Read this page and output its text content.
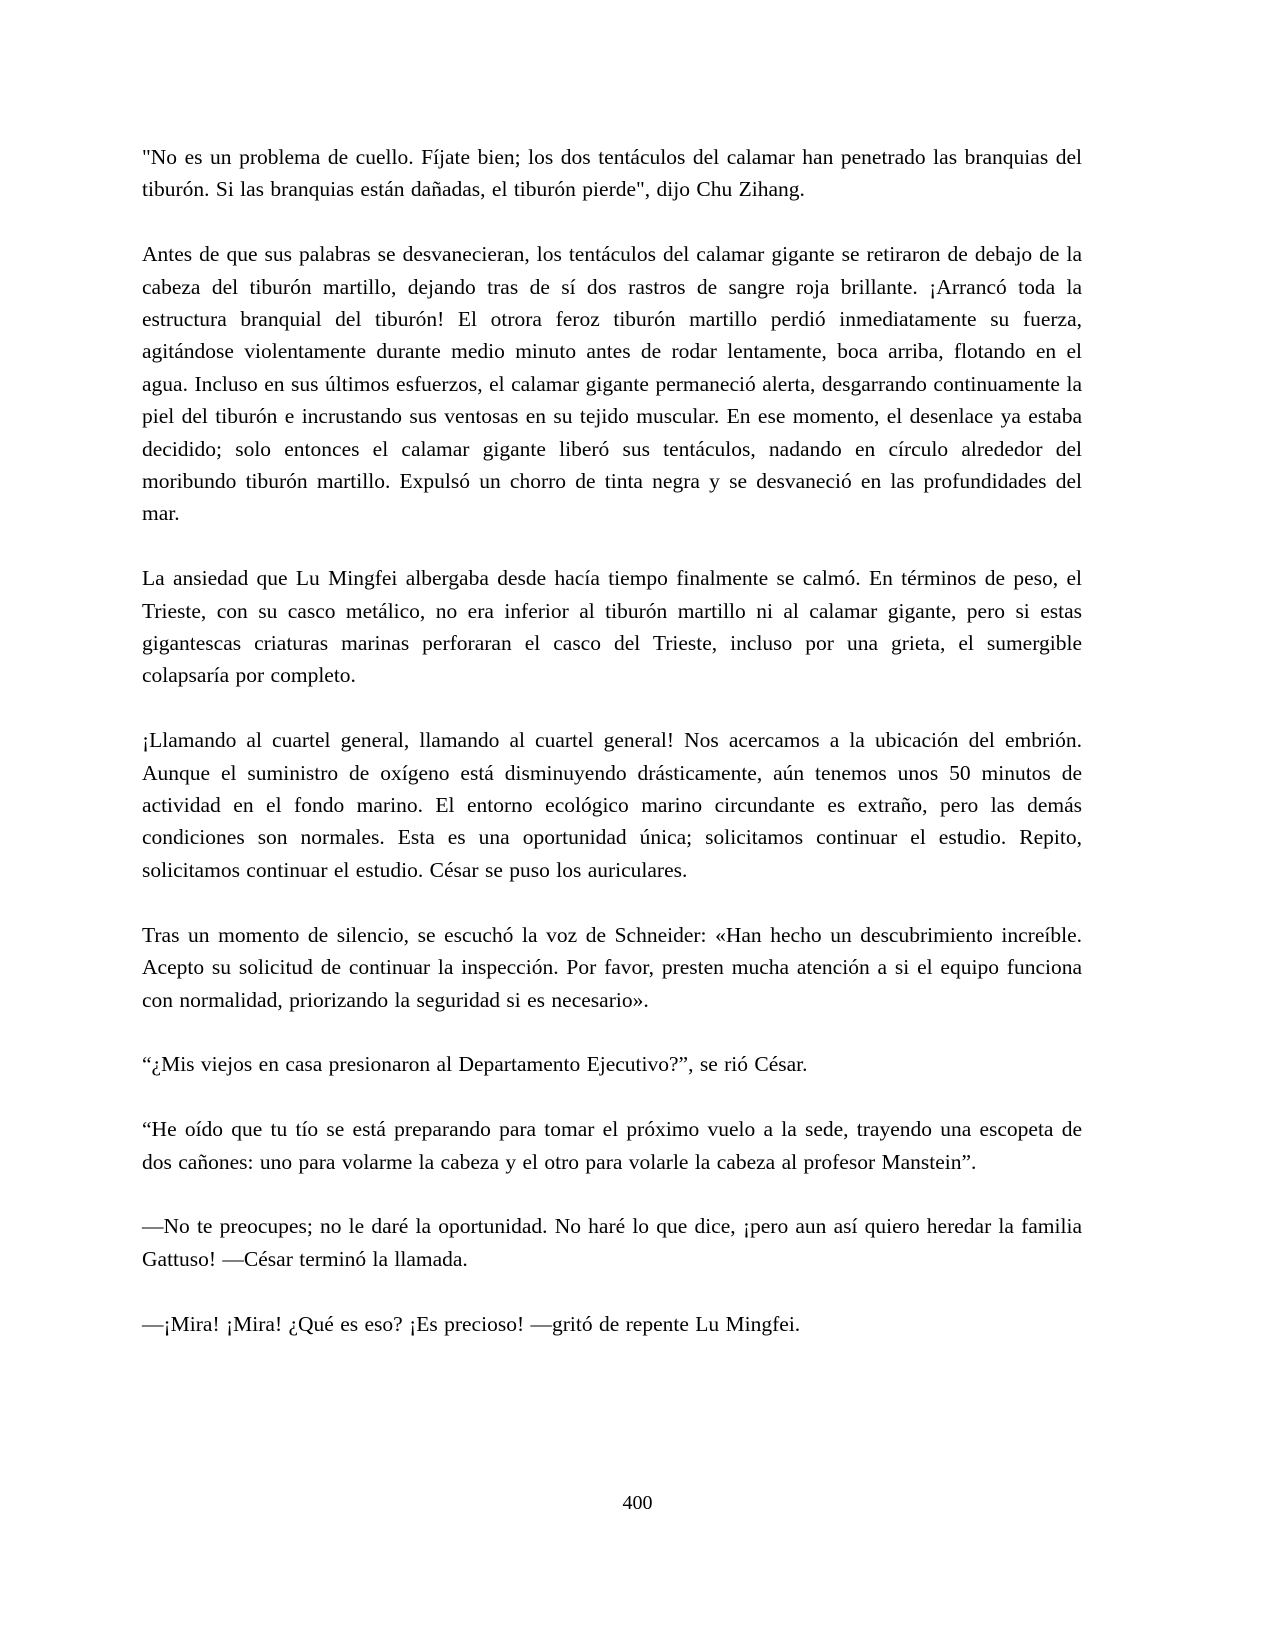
"No es un problema de cuello. Fíjate bien; los dos tentáculos del calamar han penetrado las branquias del tiburón. Si las branquias están dañadas, el tiburón pierde", dijo Chu Zihang.

Antes de que sus palabras se desvanecieran, los tentáculos del calamar gigante se retiraron de debajo de la cabeza del tiburón martillo, dejando tras de sí dos rastros de sangre roja brillante. ¡Arrancó toda la estructura branquial del tiburón! El otrora feroz tiburón martillo perdió inmediatamente su fuerza, agitándose violentamente durante medio minuto antes de rodar lentamente, boca arriba, flotando en el agua. Incluso en sus últimos esfuerzos, el calamar gigante permaneció alerta, desgarrando continuamente la piel del tiburón e incrustando sus ventosas en su tejido muscular. En ese momento, el desenlace ya estaba decidido; solo entonces el calamar gigante liberó sus tentáculos, nadando en círculo alrededor del moribundo tiburón martillo. Expulsó un chorro de tinta negra y se desvaneció en las profundidades del mar.

La ansiedad que Lu Mingfei albergaba desde hacía tiempo finalmente se calmó. En términos de peso, el Trieste, con su casco metálico, no era inferior al tiburón martillo ni al calamar gigante, pero si estas gigantescas criaturas marinas perforaran el casco del Trieste, incluso por una grieta, el sumergible colapsaría por completo.

¡Llamando al cuartel general, llamando al cuartel general! Nos acercamos a la ubicación del embrión. Aunque el suministro de oxígeno está disminuyendo drásticamente, aún tenemos unos 50 minutos de actividad en el fondo marino. El entorno ecológico marino circundante es extraño, pero las demás condiciones son normales. Esta es una oportunidad única; solicitamos continuar el estudio. Repito, solicitamos continuar el estudio. César se puso los auriculares.

Tras un momento de silencio, se escuchó la voz de Schneider: «Han hecho un descubrimiento increíble. Acepto su solicitud de continuar la inspección. Por favor, presten mucha atención a si el equipo funciona con normalidad, priorizando la seguridad si es necesario».

“¿Mis viejos en casa presionaron al Departamento Ejecutivo?”, se rió César.

“He oído que tu tío se está preparando para tomar el próximo vuelo a la sede, trayendo una escopeta de dos cañones: uno para volarme la cabeza y el otro para volarle la cabeza al profesor Manstein”.

—No te preocupes; no le daré la oportunidad. No haré lo que dice, ¡pero aun así quiero heredar la familia Gattuso! —César terminó la llamada.

—¡Mira! ¡Mira! ¿Qué es eso? ¡Es precioso! —gritó de repente Lu Mingfei.

400
